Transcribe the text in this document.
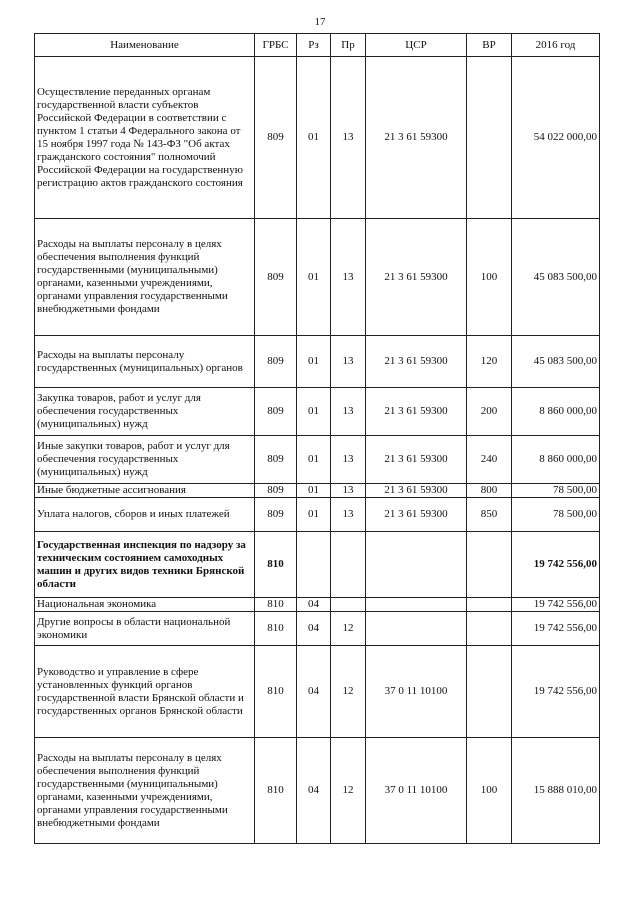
17
Наименование	ГРБС	Рз	Пр	ЦСР	ВР	2016 год
Осуществление переданных органам государственной власти субъектов Российской Федерации в соответствии с пунктом 1 статьи 4 Федерального закона от 15 ноября 1997 года № 143-ФЗ "Об актах гражданского состояния" полномочий Российской Федерации на государственную регистрацию актов гражданского состояния	809	01	13	21 3 61 59300		54 022 000,00
Расходы на выплаты персоналу в целях обеспечения выполнения функций государственными (муниципальными) органами, казенными учреждениями, органами управления государственными внебюджетными фондами	809	01	13	21 3 61 59300	100	45 083 500,00
Расходы на выплаты персоналу государственных (муниципальных) органов	809	01	13	21 3 61 59300	120	45 083 500,00
Закупка товаров, работ и услуг для обеспечения государственных (муниципальных) нужд	809	01	13	21 3 61 59300	200	8 860 000,00
Иные закупки товаров, работ и услуг для обеспечения государственных (муниципальных) нужд	809	01	13	21 3 61 59300	240	8 860 000,00
Иные бюджетные ассигнования	809	01	13	21 3 61 59300	800	78 500,00
Уплата налогов, сборов и иных платежей	809	01	13	21 3 61 59300	850	78 500,00
Государственная инспекция по надзору за техническим состоянием самоходных машин и других видов техники Брянской области	810					19 742 556,00
Национальная экономика	810	04				19 742 556,00
Другие вопросы в области национальной экономики	810	04	12			19 742 556,00
Руководство и управление в сфере установленных функций органов государственной власти Брянской области и государственных органов Брянской области	810	04	12	37 0 11 10100		19 742 556,00
Расходы на выплаты персоналу в целях обеспечения выполнения функций государственными (муниципальными) органами, казенными учреждениями, органами управления государственными внебюджетными фондами	810	04	12	37 0 11 10100	100	15 888 010,00
